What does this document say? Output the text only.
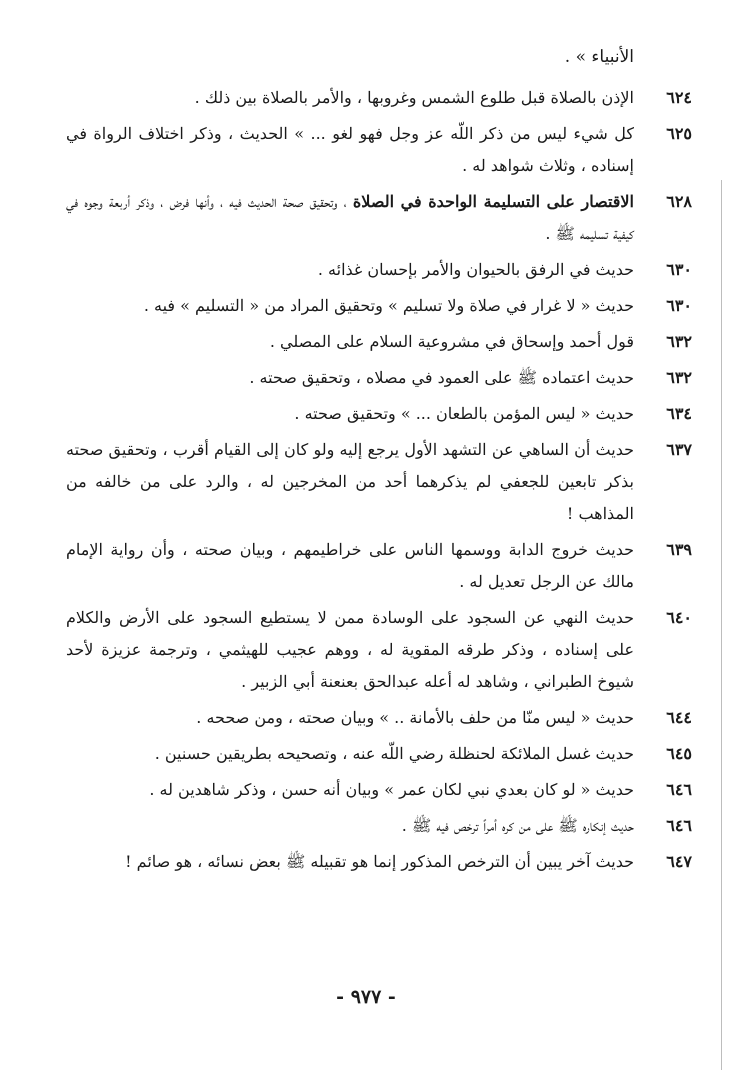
الأنبياء » .
٦٢٤
الإذن بالصلاة قبل طلوع الشمس وغروبها ، والأمر بالصلاة بين ذلك .
٦٢٥
كل شيء ليس من ذكر اللّه عز وجل فهو لغو ... » الحديث ، وذكر اختلاف الرواة في إسناده ، وثلاث شواهد له .
٦٢٨
الاقتصار على التسليمة الواحدة في الصلاة ، وتحقيق صحة الحديث فيه ، وأنها فرض ، وذكر أربعة وجوه في كيفية تسليمه ﷺ .
٦٣٠
حديث في الرفق بالحيوان والأمر بإحسان غذائه .
٦٣٠
حديث « لا غرار في صلاة ولا تسليم » وتحقيق المراد من « التسليم » فيه .
٦٣٢
قول أحمد وإسحاق في مشروعية السلام على المصلي .
٦٣٢
حديث اعتماده ﷺ على العمود في مصلاه ، وتحقيق صحته .
٦٣٤
حديث « ليس المؤمن بالطعان ... » وتحقيق صحته .
٦٣٧
حديث أن الساهي عن التشهد الأول يرجع إليه ولو كان إلى القيام أقرب ، وتحقيق صحته بذكر تابعين للجعفي لم يذكرهما أحد من المخرجين له ، والرد على من خالفه من المذاهب !
٦٣٩
حديث خروج الدابة ووسمها الناس على خراطيمهم ، وبيان صحته ، وأن رواية الإمام مالك عن الرجل تعديل له .
٦٤٠
حديث النهي عن السجود على الوسادة ممن لا يستطيع السجود على الأرض والكلام على إسناده ، وذكر طرقه المقوية له ، ووهم عجيب للهيثمي ، وترجمة عزيزة لأحد شيوخ الطبراني ، وشاهد له أعله عبدالحق بعنعنة أبي الزبير .
٦٤٤
حديث « ليس منّا من حلف بالأمانة .. » وبيان صحته ، ومن صححه .
٦٤٥
حديث غسل الملائكة لحنظلة رضي اللّه عنه ، وتصحيحه بطريقين حسنين .
٦٤٦
حديث « لو كان بعدي نبي لكان عمر » وبيان أنه حسن ، وذكر شاهدين له .
٦٤٦
حديث إنكاره ﷺ على من كره أمراً ترخص فيه ﷺ .
٦٤٧
حديث آخر يبين أن الترخص المذكور إنما هو تقبيله ﷺ بعض نسائه ، هو صائم !
- ٩٧٧ -
